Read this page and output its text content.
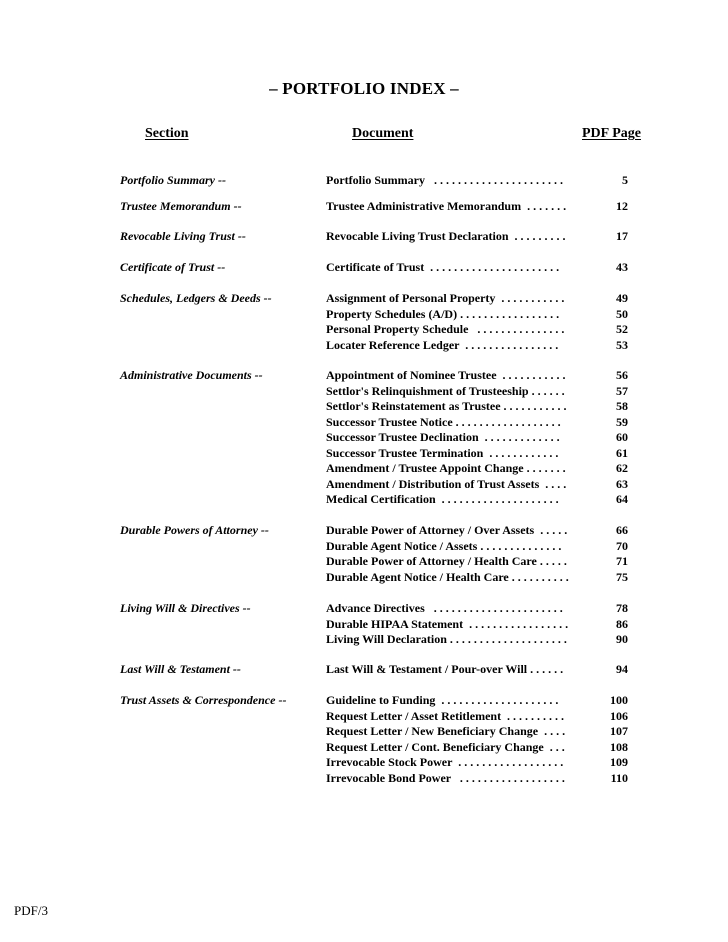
– PORTFOLIO INDEX –
Section	Document	PDF Page
Portfolio Summary --	Portfolio Summary   . . . . . . . . . . . . . . . . . . . . . .	5
Trustee Memorandum --	Trustee Administrative Memorandum  . . . . . . .	12
Revocable Living Trust --	Revocable Living Trust Declaration  . . . . . . . . .	17
Certificate of Trust --	Certificate of Trust  . . . . . . . . . . . . . . . . . . . . . .	43
Schedules, Ledgers & Deeds --	Assignment of Personal Property  . . . . . . . . . . .	49
Property Schedules (A/D) . . . . . . . . . . . . . . . . .	50
Personal Property Schedule   . . . . . . . . . . . . . . .	52
Locater Reference Ledger  . . . . . . . . . . . . . . . .	53
Administrative Documents --	Appointment of Nominee Trustee  . . . . . . . . . . .	56
Settlor's Relinquishment of Trusteeship . . . . . .	57
Settlor's Reinstatement as Trustee . . . . . . . . . . .	58
Successor Trustee Notice . . . . . . . . . . . . . . . . . .	59
Successor Trustee Declination  . . . . . . . . . . . . .	60
Successor Trustee Termination  . . . . . . . . . . . .	61
Amendment / Trustee Appoint Change . . . . . . .	62
Amendment / Distribution of Trust Assets  . . . .	63
Medical Certification  . . . . . . . . . . . . . . . . . . . .	64
Durable Powers of Attorney --	Durable Power of Attorney / Over Assets  . . . . .	66
Durable Agent Notice / Assets . . . . . . . . . . . . . .	70
Durable Power of Attorney / Health Care . . . . .	71
Durable Agent Notice / Health Care . . . . . . . . . .	75
Living Will & Directives --	Advance Directives   . . . . . . . . . . . . . . . . . . . . . .	78
Durable HIPAA Statement  . . . . . . . . . . . . . . . . .	86
Living Will Declaration . . . . . . . . . . . . . . . . . . . .	90
Last Will & Testament --	Last Will & Testament / Pour-over Will . . . . . .	94
Trust Assets & Correspondence --	Guideline to Funding  . . . . . . . . . . . . . . . . . . . .	100
Request Letter / Asset Retitlement  . . . . . . . . . .	106
Request Letter / New Beneficiary Change  . . . .	107
Request Letter / Cont. Beneficiary Change  . . .	108
Irrevocable Stock Power  . . . . . . . . . . . . . . . . . .	109
Irrevocable Bond Power   . . . . . . . . . . . . . . . . . .	110
PDF/3
